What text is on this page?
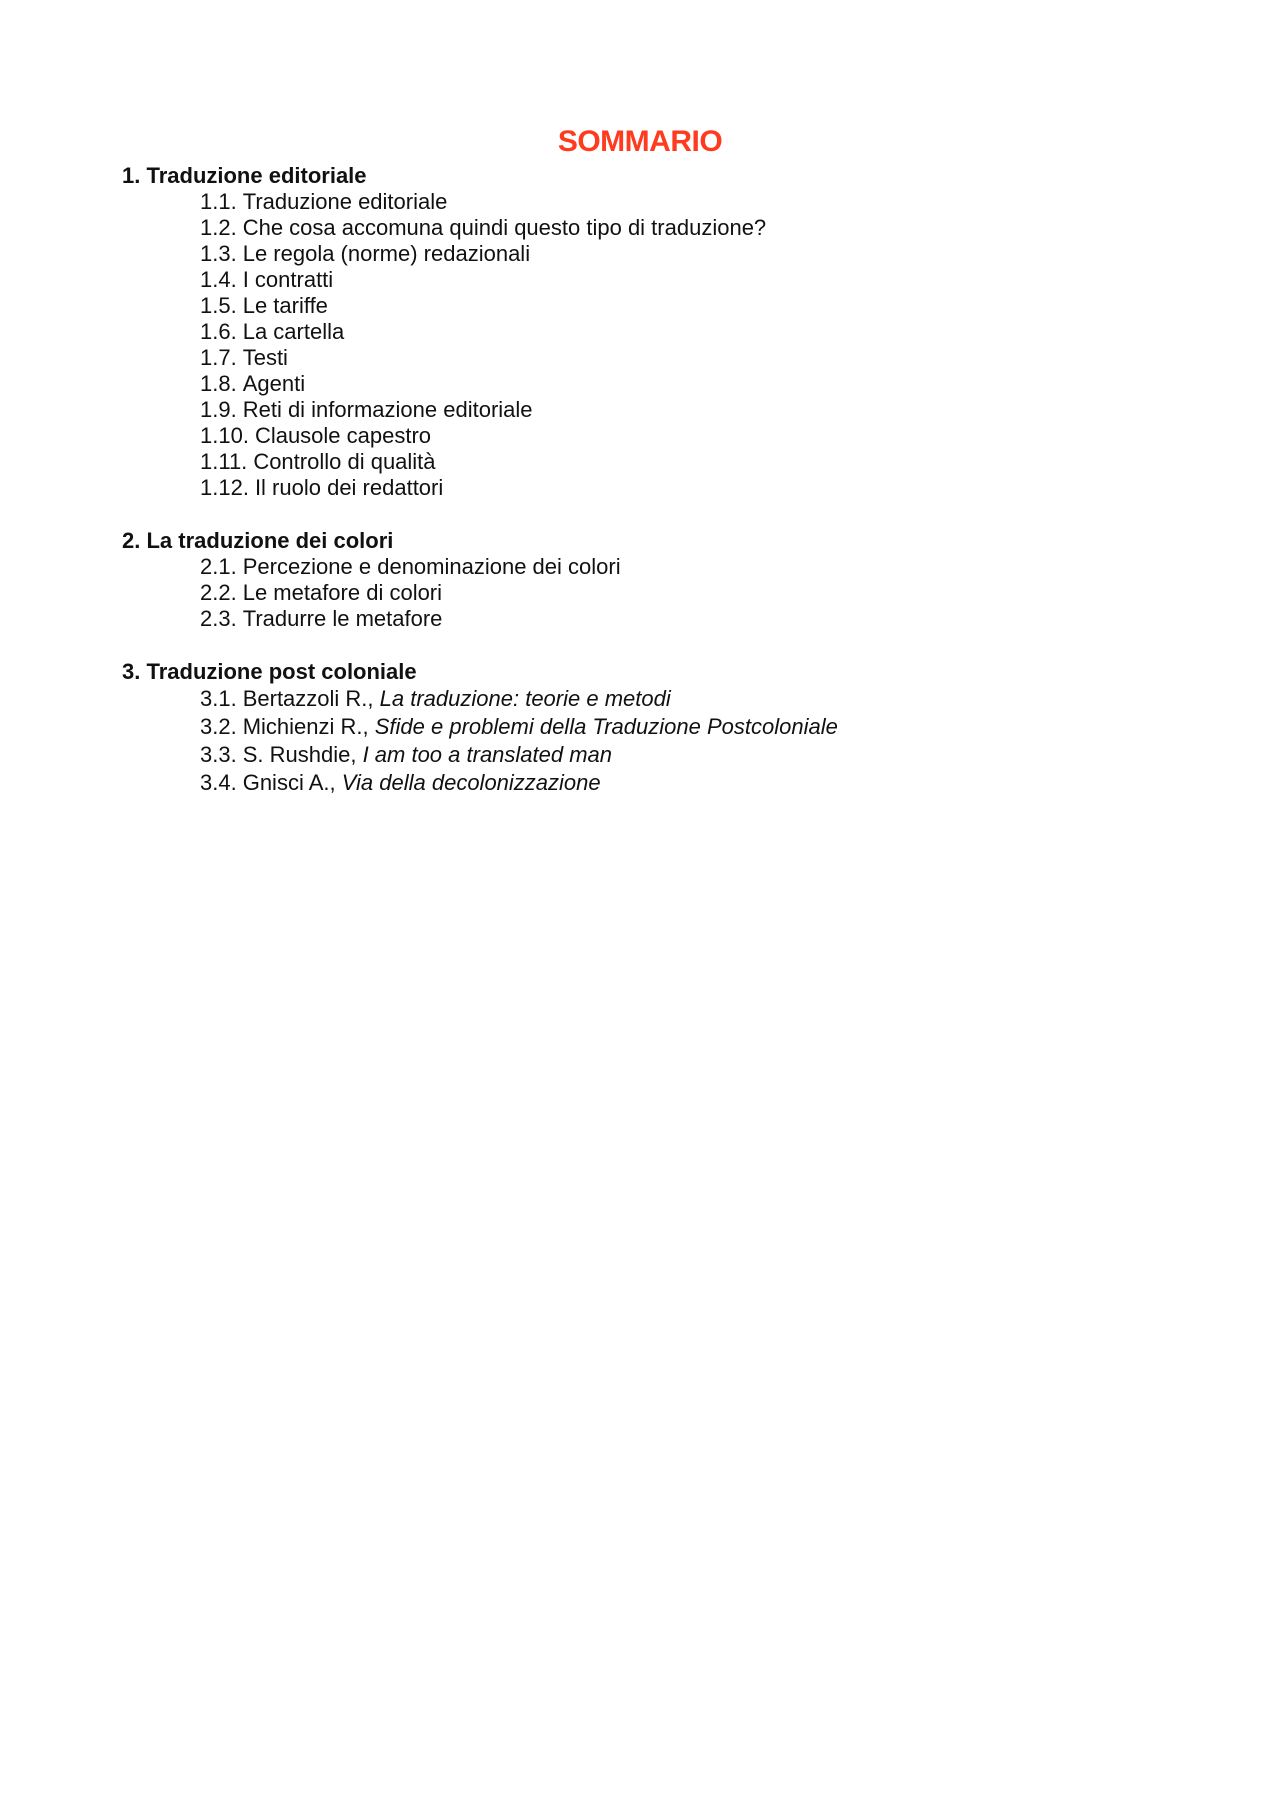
SOMMARIO

1. Traduzione editoriale

1.1. Traduzione editoriale
1.2. Che cosa accomuna quindi questo tipo di traduzione?
1.3. Le regola (norme) redazionali
1.4. I contratti
1.5. Le tariffe
1.6. La cartella
1.7. Testi
1.8. Agenti
1.9. Reti di informazione editoriale
1.10. Clausole capestro
1.11. Controllo di qualità
1.12. Il ruolo dei redattori

2. La traduzione dei colori

2.1. Percezione e denominazione dei colori
2.2. Le metafore di colori
2.3. Tradurre le metafore

3. Traduzione post coloniale

3.1. Bertazzoli R., La traduzione: teorie e metodi
3.2. Michienzi R., Sfide e problemi della Traduzione Postcoloniale
3.3. S. Rushdie, I am too a translated man
3.4. Gnisci A., Via della decolonizzazione
